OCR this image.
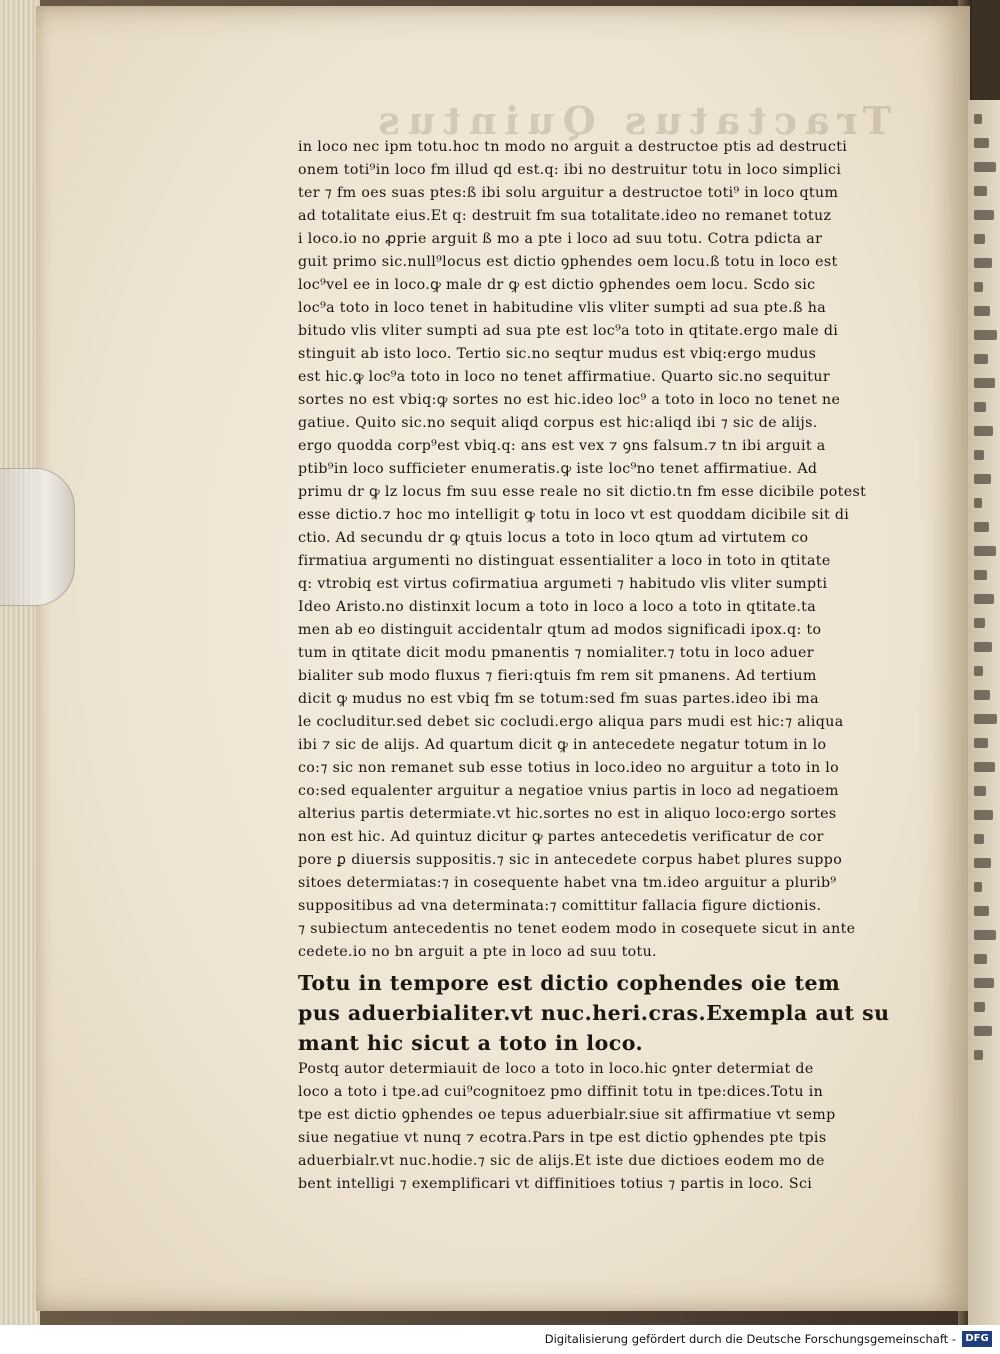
Tractatus Quintus
in loco nec ipm totu.hoc tn modo no arguit a destructoe ptis ad destructi
onem toti⁹in loco fm illud qd est.q: ibi no destruitur totu in loco simplici
ter ⁊ fm oes suas ptes:ß ibi solu arguitur a destructoe toti⁹ in loco qtum
ad totalitate eius.Et q: destruit fm sua totalitate.ideo no remanet totuz
i loco.io no ꝓprie arguit ß mo a pte i loco ad suu totu. Cotra pdicta ar
guit primo sic.null⁹locus est dictio ꝯphendes oem locu.ß totu in loco est
loc⁹vel ee in loco.ꝙ male dr ꝙ est dictio ꝯphendes oem locu. Scdo sic
loc⁹a toto in loco tenet in habitudine vlis vliter sumpti ad sua pte.ß ha
bitudo vlis vliter sumpti ad sua pte est loc⁹a toto in qtitate.ergo male di
stinguit ab isto loco. Tertio sic.no seqtur mudus est vbiq:ergo mudus
est hic.ꝙ loc⁹a toto in loco no tenet affirmatiue. Quarto sic.no sequitur
sortes no est vbiq:ꝙ sortes no est hic.ideo loc⁹ a toto in loco no tenet ne
gatiue. Quito sic.no sequit aliqd corpus est hic:aliqd ibi ⁊ sic de alijs.
ergo quodda corp⁹est vbiq.q: ans est vex ⁊ ꝯns falsum.⁊ tn ibi arguit a
ptib⁹in loco sufficieter enumeratis.ꝙ iste loc⁹no tenet affirmatiue. Ad
primu dr ꝙ lz locus fm suu esse reale no sit dictio.tn fm esse dicibile potest
esse dictio.⁊ hoc mo intelligit ꝙ totu in loco vt est quoddam dicibile sit di
ctio. Ad secundu dr ꝙ qtuis locus a toto in loco qtum ad virtutem co
firmatiua argumenti no distinguat essentialiter a loco in toto in qtitate
q: vtrobiq est virtus cofirmatiua argumeti ⁊ habitudo vlis vliter sumpti
Ideo Aristo.no distinxit locum a toto in loco a loco a toto in qtitate.ta
men ab eo distinguit accidentalr qtum ad modos significadi ipox.q: to
tum in qtitate dicit modu pmanentis ⁊ nomialiter.⁊ totu in loco aduer
bialiter sub modo fluxus ⁊ fieri:qtuis fm rem sit pmanens. Ad tertium
dicit ꝙ mudus no est vbiq fm se totum:sed fm suas partes.ideo ibi ma
le cocluditur.sed debet sic cocludi.ergo aliqua pars mudi est hic:⁊ aliqua
ibi ⁊ sic de alijs. Ad quartum dicit ꝙ in antecedete negatur totum in lo
co:⁊ sic non remanet sub esse totius in loco.ideo no arguitur a toto in lo
co:sed equalenter arguitur a negatioe vnius partis in loco ad negatioem
alterius partis determiate.vt hic.sortes no est in aliquo loco:ergo sortes
non est hic. Ad quintuz dicitur ꝙ partes antecedetis verificatur de cor
pore ꝑ diuersis suppositis.⁊ sic in antecedete corpus habet plures suppo
sitoes determiatas:⁊ in cosequente habet vna tm.ideo arguitur a plurib⁹
suppositibus ad vna determinata:⁊ comittitur fallacia figure dictionis.
⁊ subiectum antecedentis no tenet eodem modo in cosequete sicut in ante
cedete.io no bn arguit a pte in loco ad suu totu.
Totu in tempore est dictio cophendes oie tem
pus aduerbialiter.vt nuc.heri.cras.Exempla aut su
mant hic sicut a toto in loco.
Postq autor determiauit de loco a toto in loco.hic ꝯnter determiat de
loco a toto i tpe.ad cui⁹cognitoez pmo diffinit totu in tpe:dices.Totu in
tpe est dictio ꝯphendes oe tepus aduerbialr.siue sit affirmatiue vt semp
siue negatiue vt nunq ⁊ ecotra.Pars in tpe est dictio ꝯphendes pte tpis
aduerbialr.vt nuc.hodie.⁊ sic de alijs.Et iste due dictioes eodem mo de
bent intelligi ⁊ exemplificari vt diffinitioes totius ⁊ partis in loco. Sci
Digitalisierung gefördert durch die Deutsche Forschungsgemeinschaft - DFG
